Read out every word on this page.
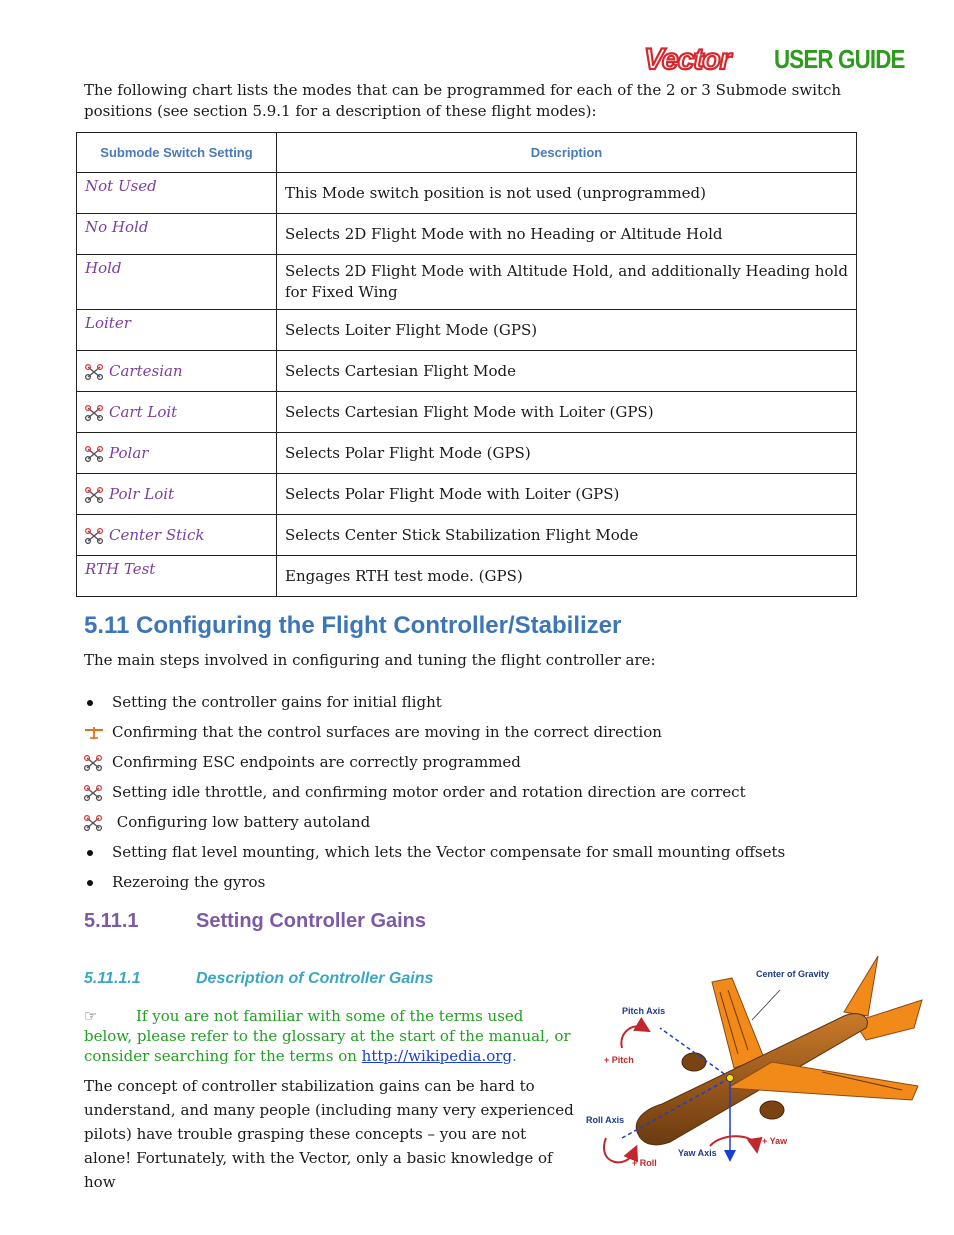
Vector USER GUIDE
The following chart lists the modes that can be programmed for each of the 2 or 3 Submode switch positions (see section 5.9.1 for a description of these flight modes):
Submode Switch Setting	Description
Not Used	This Mode switch position is not used (unprogrammed)
No Hold	Selects 2D Flight Mode with no Heading or Altitude Hold
Hold	Selects 2D Flight Mode with Altitude Hold, and additionally Heading hold for Fixed Wing
Loiter	Selects Loiter Flight Mode (GPS)
Cartesian	Selects Cartesian Flight Mode
Cart Loit	Selects Cartesian Flight Mode with Loiter (GPS)
Polar	Selects Polar Flight Mode (GPS)
Polr Loit	Selects Polar Flight Mode with Loiter (GPS)
Center Stick	Selects Center Stick Stabilization Flight Mode
RTH Test	Engages RTH test mode. (GPS)
5.11 Configuring the Flight Controller/Stabilizer
The main steps involved in configuring and tuning the flight controller are:
Setting the controller gains for initial flight
Confirming that the control surfaces are moving in the correct direction
Confirming ESC endpoints are correctly programmed
Setting idle throttle, and confirming motor order and rotation direction are correct
Configuring low battery autoland
Setting flat level mounting, which lets the Vector compensate for small mounting offsets
Rezeroing the gyros
5.11.1	Setting Controller Gains
5.11.1.1	Description of Controller Gains
☞	If you are not familiar with some of the terms used below, please refer to the glossary at the start of the manual, or consider searching for the terms on http://wikipedia.org.
The concept of controller stabilization gains can be hard to understand, and many people (including many very experienced pilots) have trouble grasping these concepts – you are not alone! Fortunately, with the Vector, only a basic knowledge of how
Center of Gravity
Pitch Axis
+ Pitch
Roll Axis
+ Roll
Yaw Axis
+ Yaw
